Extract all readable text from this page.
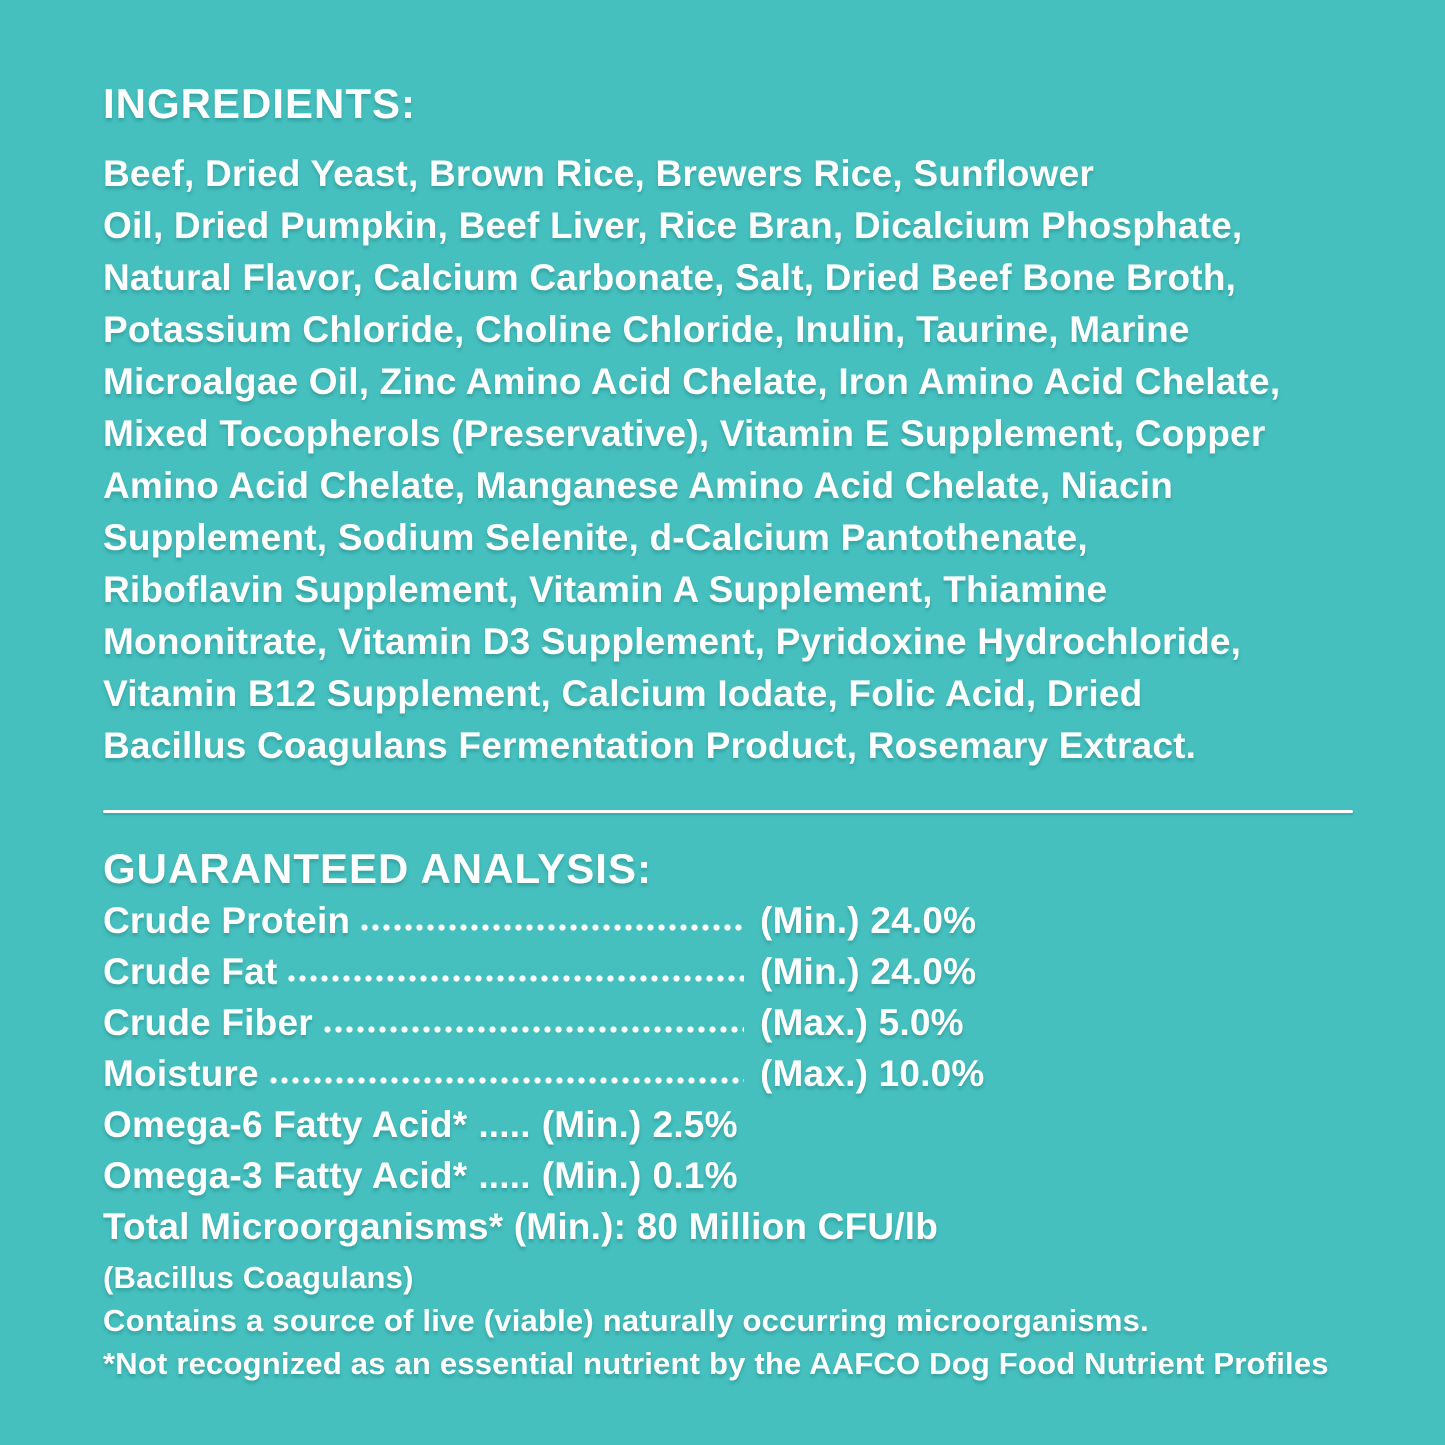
INGREDIENTS:
Beef, Dried Yeast, Brown Rice, Brewers Rice, Sunflower
Oil, Dried Pumpkin, Beef Liver, Rice Bran, Dicalcium Phosphate,
Natural Flavor, Calcium Carbonate, Salt, Dried Beef Bone Broth,
Potassium Chloride, Choline Chloride, Inulin, Taurine, Marine
Microalgae Oil, Zinc Amino Acid Chelate, Iron Amino Acid Chelate,
Mixed Tocopherols (Preservative), Vitamin E Supplement, Copper
Amino Acid Chelate, Manganese Amino Acid Chelate, Niacin
Supplement, Sodium Selenite, d-Calcium Pantothenate,
Riboflavin Supplement, Vitamin A Supplement, Thiamine
Mononitrate, Vitamin D3 Supplement, Pyridoxine Hydrochloride,
Vitamin B12 Supplement, Calcium Iodate, Folic Acid, Dried
Bacillus Coagulans Fermentation Product, Rosemary Extract.
GUARANTEED ANALYSIS:
Crude Protein	(Min.) 24.0%
Crude Fat	(Min.) 24.0%
Crude Fiber	(Max.) 5.0%
Moisture	(Max.) 10.0%
Omega-6 Fatty Acid* ..... (Min.) 2.5%
Omega-3 Fatty Acid* ..... (Min.) 0.1%
Total Microorganisms* (Min.): 80 Million CFU/lb
(Bacillus Coagulans)
Contains a source of live (viable) naturally occurring microorganisms.
*Not recognized as an essential nutrient by the AAFCO Dog Food Nutrient Profiles
